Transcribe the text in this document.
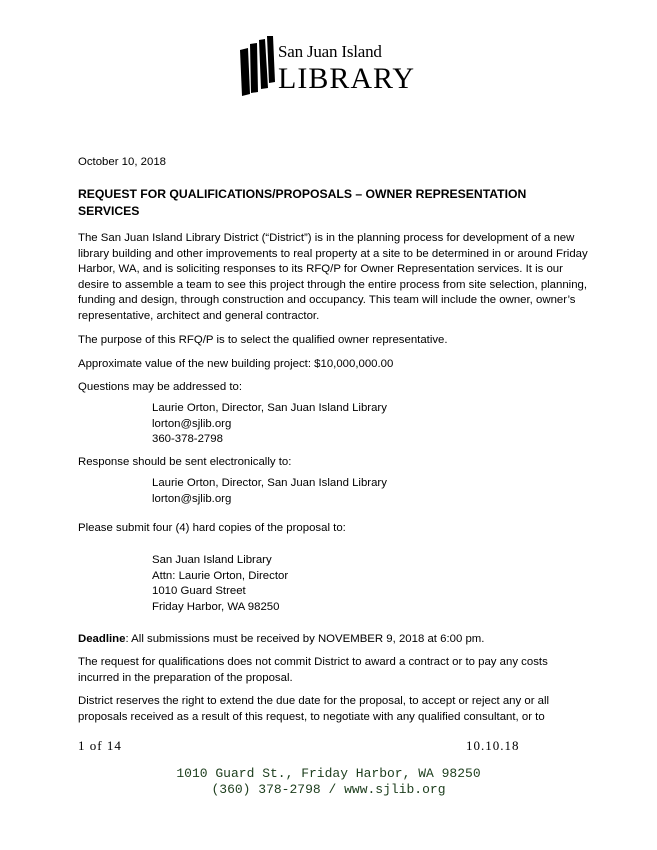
San Juan Island
LIBRARY
October 10, 2018
REQUEST FOR QUALIFICATIONS/PROPOSALS – OWNER REPRESENTATION SERVICES
The San Juan Island Library District (“District”) is in the planning process for development of a new library building and other improvements to real property at a site to be determined in or around Friday Harbor, WA, and is soliciting responses to its RFQ/P for Owner Representation services. It is our desire to assemble a team to see this project through the entire process from site selection, planning, funding and design, through construction and occupancy. This team will include the owner, owner’s representative, architect and general contractor.
The purpose of this RFQ/P is to select the qualified owner representative.
Approximate value of the new building project: $10,000,000.00
Questions may be addressed to:
Laurie Orton, Director, San Juan Island Library
lorton@sjlib.org
360-378-2798
Response should be sent electronically to:
Laurie Orton, Director, San Juan Island Library
lorton@sjlib.org
Please submit four (4) hard copies of the proposal to:
San Juan Island Library
Attn: Laurie Orton, Director
1010 Guard Street
Friday Harbor, WA 98250
Deadline: All submissions must be received by NOVEMBER 9, 2018 at 6:00 pm.
The request for qualifications does not commit District to award a contract or to pay any costs incurred in the preparation of the proposal.
District reserves the right to extend the due date for the proposal, to accept or reject any or all proposals received as a result of this request, to negotiate with any qualified consultant, or to
1 of 14	10.10.18
1010 Guard St., Friday Harbor, WA 98250
(360) 378-2798 / www.sjlib.org
